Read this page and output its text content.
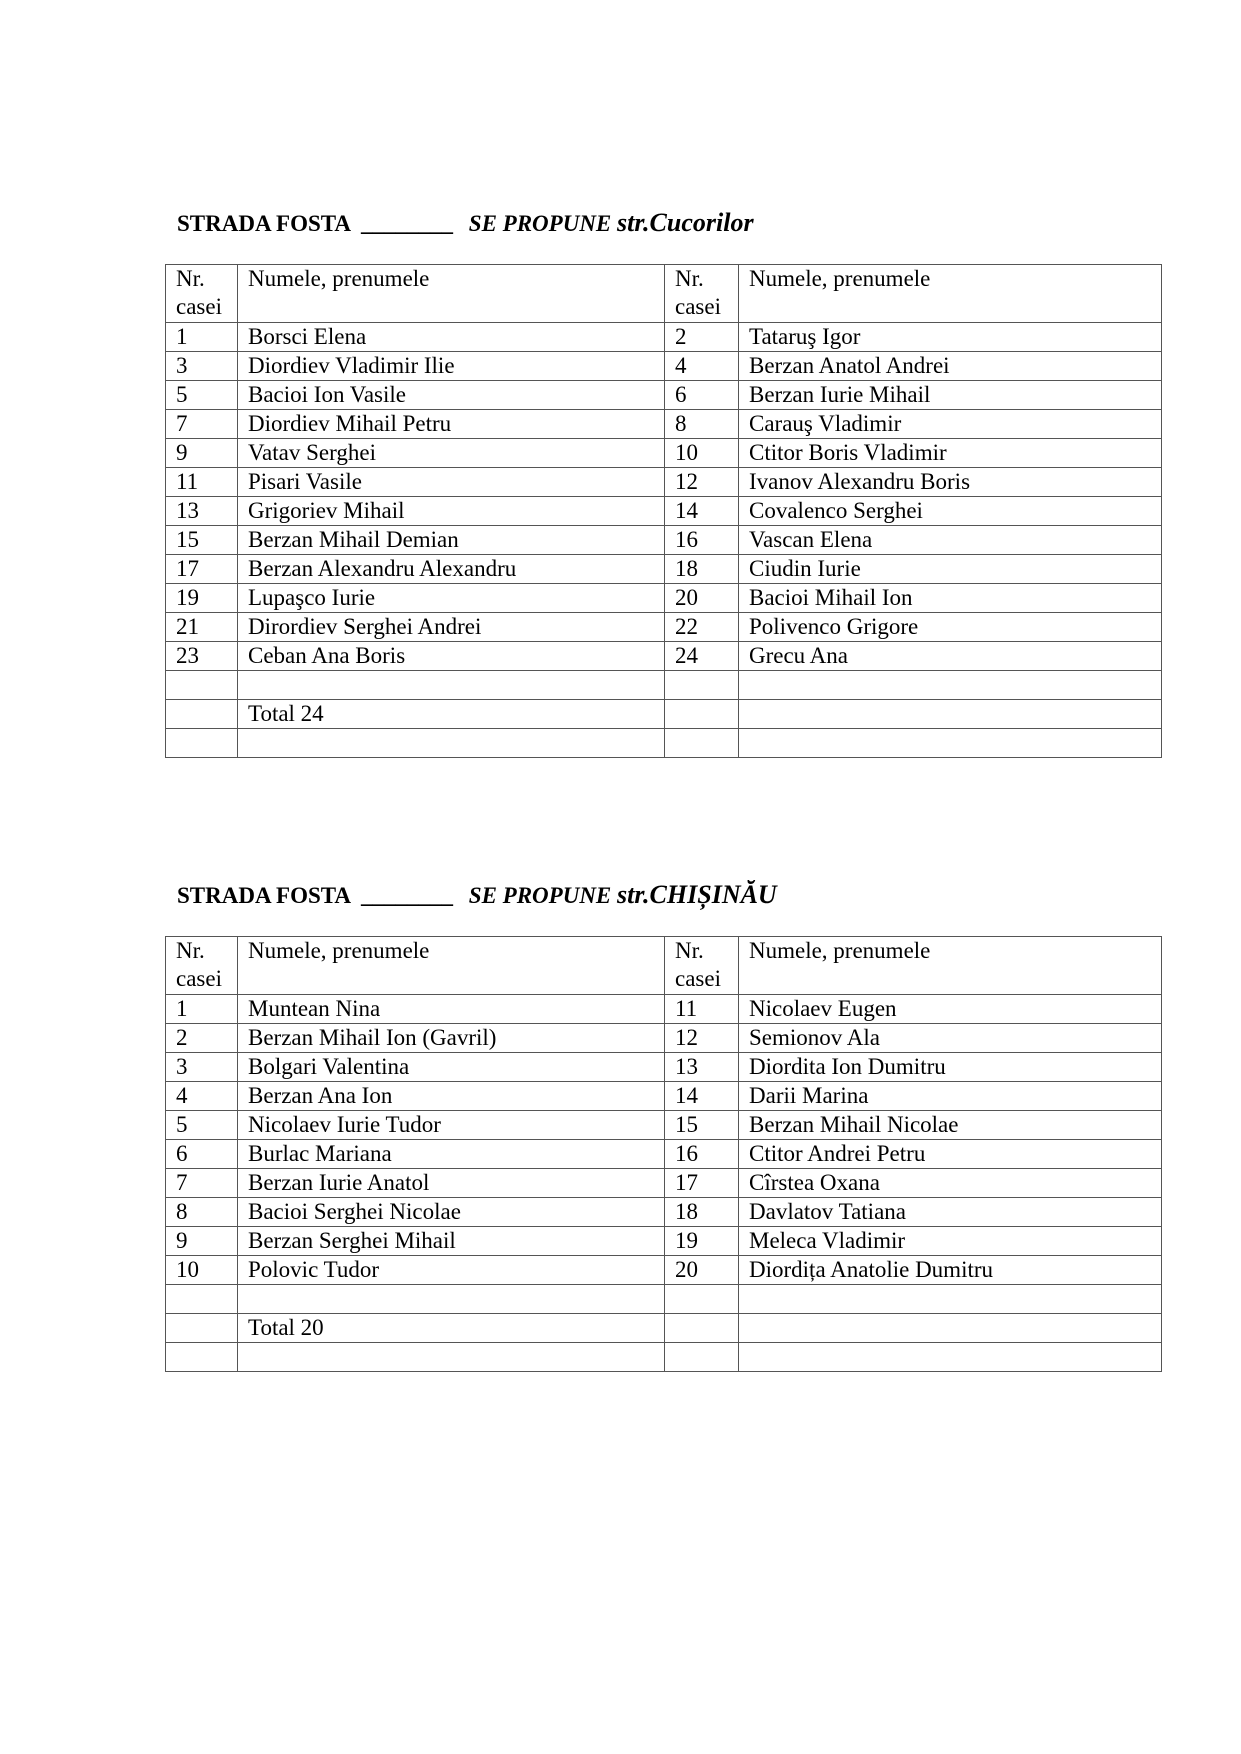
STRADA FOSTA ________ SE PROPUNE str.Cucorilor
Nr. casei	Numele, prenumele	Nr. casei	Numele, prenumele
1	Borsci Elena	2	Tataruş Igor
3	Diordiev Vladimir Ilie	4	Berzan Anatol Andrei
5	Bacioi Ion Vasile	6	Berzan Iurie Mihail
7	Diordiev Mihail Petru	8	Carauş Vladimir
9	Vatav Serghei	10	Ctitor Boris Vladimir
11	Pisari Vasile	12	Ivanov Alexandru Boris
13	Grigoriev Mihail	14	Covalenco Serghei
15	Berzan Mihail Demian	16	Vascan Elena
17	Berzan Alexandru Alexandru	18	Ciudin Iurie
19	Lupaşco Iurie	20	Bacioi Mihail Ion
21	Dirordiev Serghei Andrei	22	Polivenco Grigore
23	Ceban Ana Boris	24	Grecu Ana

	Total 24		

STRADA FOSTA ________ SE PROPUNE str.CHIȘINĂU
Nr. casei	Numele, prenumele	Nr. casei	Numele, prenumele
1	Muntean Nina	11	Nicolaev Eugen
2	Berzan Mihail Ion (Gavril)	12	Semionov Ala
3	Bolgari Valentina	13	Diordita Ion Dumitru
4	Berzan Ana Ion	14	Darii Marina
5	Nicolaev Iurie Tudor	15	Berzan Mihail Nicolae
6	Burlac Mariana	16	Ctitor Andrei Petru
7	Berzan Iurie Anatol	17	Cîrstea Oxana
8	Bacioi Serghei Nicolae	18	Davlatov Tatiana
9	Berzan Serghei Mihail	19	Meleca Vladimir
10	Polovic Tudor	20	Diordița Anatolie Dumitru

	Total 20		
